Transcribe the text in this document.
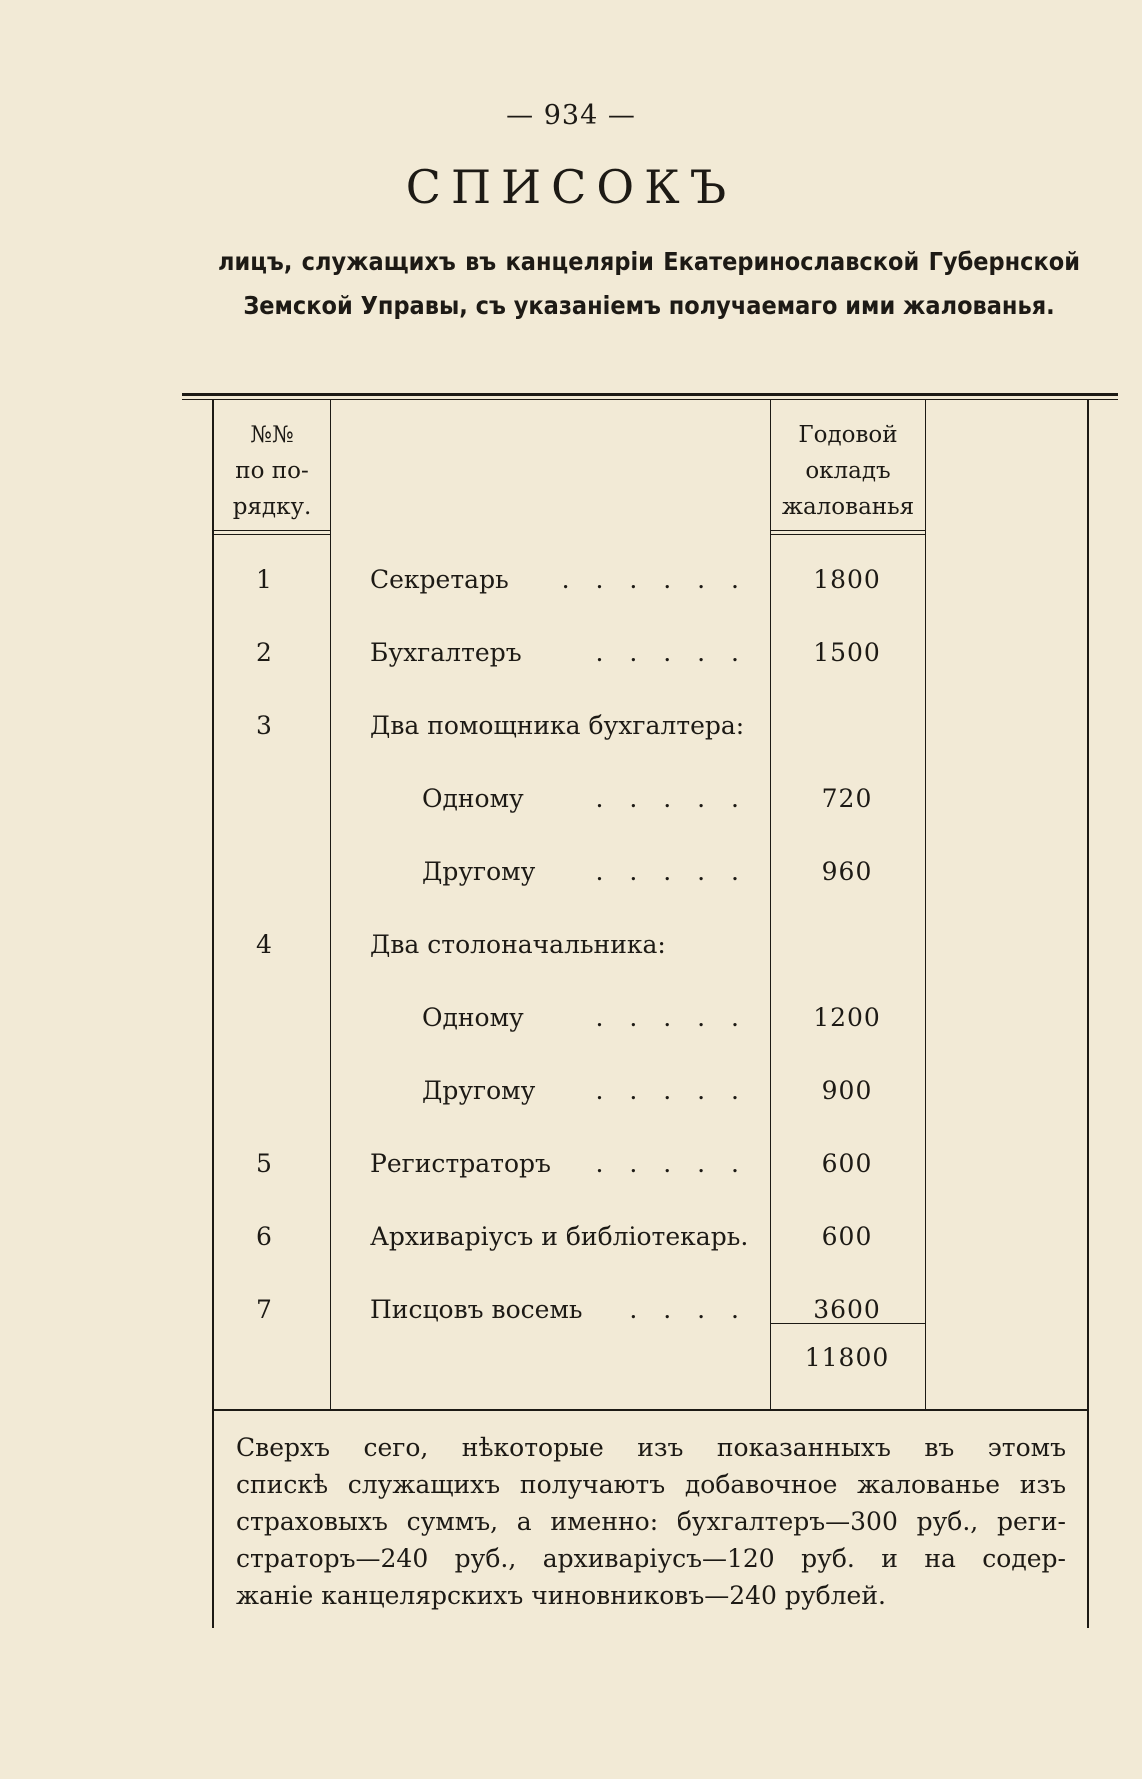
— 934 —
СПИСОКЪ
лицъ, служащихъ въ канцеляріи Екатеринославской Губернской Земской Управы, съ указаніемъ получаемаго ими жалованья.
№№
по по-
рядку.
Годовой
окладъ
жалованья
1	Секретарь . . . . . .	1800
2	Бухгалтеръ	. . . . .	1500
3	Два помощника бухгалтера:
Одному	. . . . .	720
Другому . . . . .	960
4	Два столоначальника:
Одному	. . . . .	1200
Другому . . . . .	900
5	Регистраторъ . . . . .	600
6	Архиваріусъ и библіотекарь.	600
7	Писцовъ восемь . . . .	3600
11800
Сверхъ сего, нѣкоторые изъ показанныхъ въ этомъ
спискѣ служащихъ получаютъ добавочное жалованье изъ
страховыхъ суммъ, а именно: бухгалтеръ—300 руб., реги-
страторъ—240 руб., архиваріусъ—120 руб. и на содер-
жаніе канцелярскихъ чиновниковъ—240 рублей.
